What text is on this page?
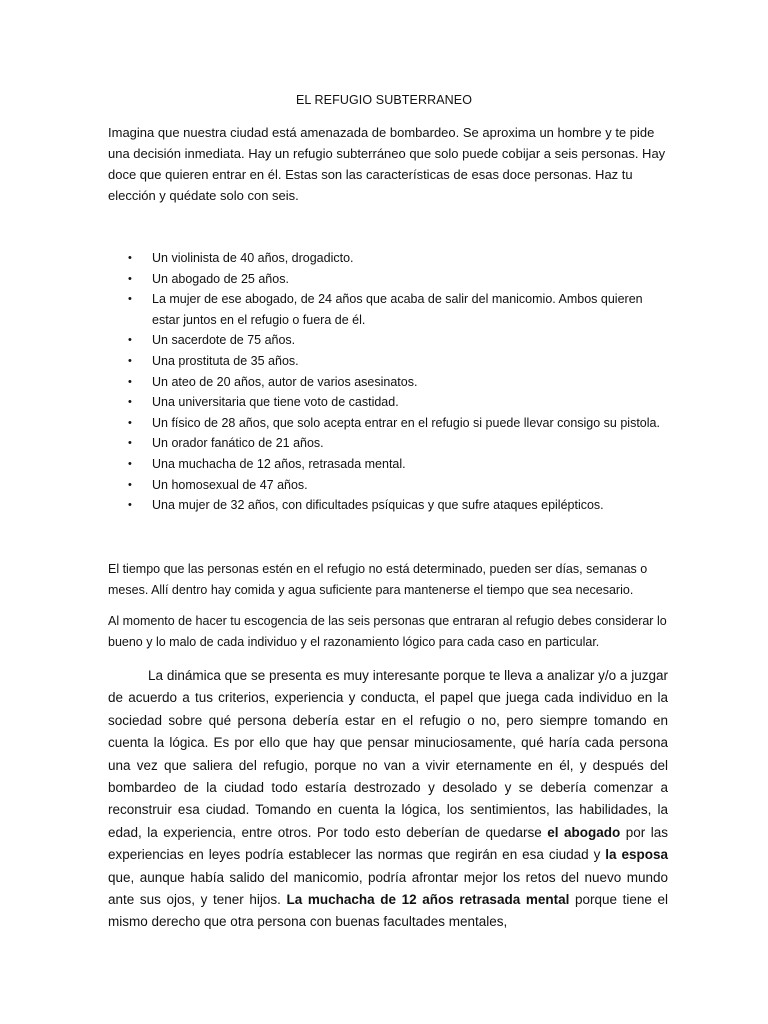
EL REFUGIO SUBTERRANEO

Imagina que nuestra ciudad está amenazada de bombardeo. Se aproxima un hombre y te pide una decisión inmediata. Hay un refugio subterráneo que solo puede cobijar a seis personas. Hay doce que quieren entrar en él. Estas son las características de esas doce personas. Haz tu elección y quédate solo con seis.

• Un violinista de 40 años, drogadicto.
• Un abogado de 25 años.
• La mujer de ese abogado, de 24 años que acaba de salir del manicomio. Ambos quieren estar juntos en el refugio o fuera de él.
• Un sacerdote de 75 años.
• Una prostituta de 35 años.
• Un ateo de 20 años, autor de varios asesinatos.
• Una universitaria que tiene voto de castidad.
• Un físico de 28 años, que solo acepta entrar en el refugio si puede llevar consigo su pistola.
• Un orador fanático de 21 años.
• Una muchacha de 12 años, retrasada mental.
• Un homosexual de 47 años.
• Una mujer de 32 años, con dificultades psíquicas y que sufre ataques epilépticos.

El tiempo que las personas estén en el refugio no está determinado, pueden ser días, semanas o meses. Allí dentro hay comida y agua suficiente para mantenerse el tiempo que sea necesario.

Al momento de hacer tu escogencia de las seis personas que entraran al refugio debes considerar lo bueno y lo malo de cada individuo y el razonamiento lógico para cada caso en particular.

La dinámica que se presenta es muy interesante porque te lleva a analizar y/o a juzgar de acuerdo a tus criterios, experiencia y conducta, el papel que juega cada individuo en la sociedad sobre qué persona debería estar en el refugio o no, pero siempre tomando en cuenta la lógica. Es por ello que hay que pensar minuciosamente, qué haría cada persona una vez que saliera del refugio, porque no van a vivir eternamente en él, y después del bombardeo de la ciudad todo estaría destrozado y desolado y se debería comenzar a reconstruir esa ciudad. Tomando en cuenta la lógica, los sentimientos, las habilidades, la edad, la experiencia, entre otros. Por todo esto deberían de quedarse el abogado por las experiencias en leyes podría establecer las normas que regirán en esa ciudad y la esposa que, aunque había salido del manicomio, podría afrontar mejor los retos del nuevo mundo ante sus ojos, y tener hijos. La muchacha de 12 años retrasada mental porque tiene el mismo derecho que otra persona con buenas facultades mentales,
